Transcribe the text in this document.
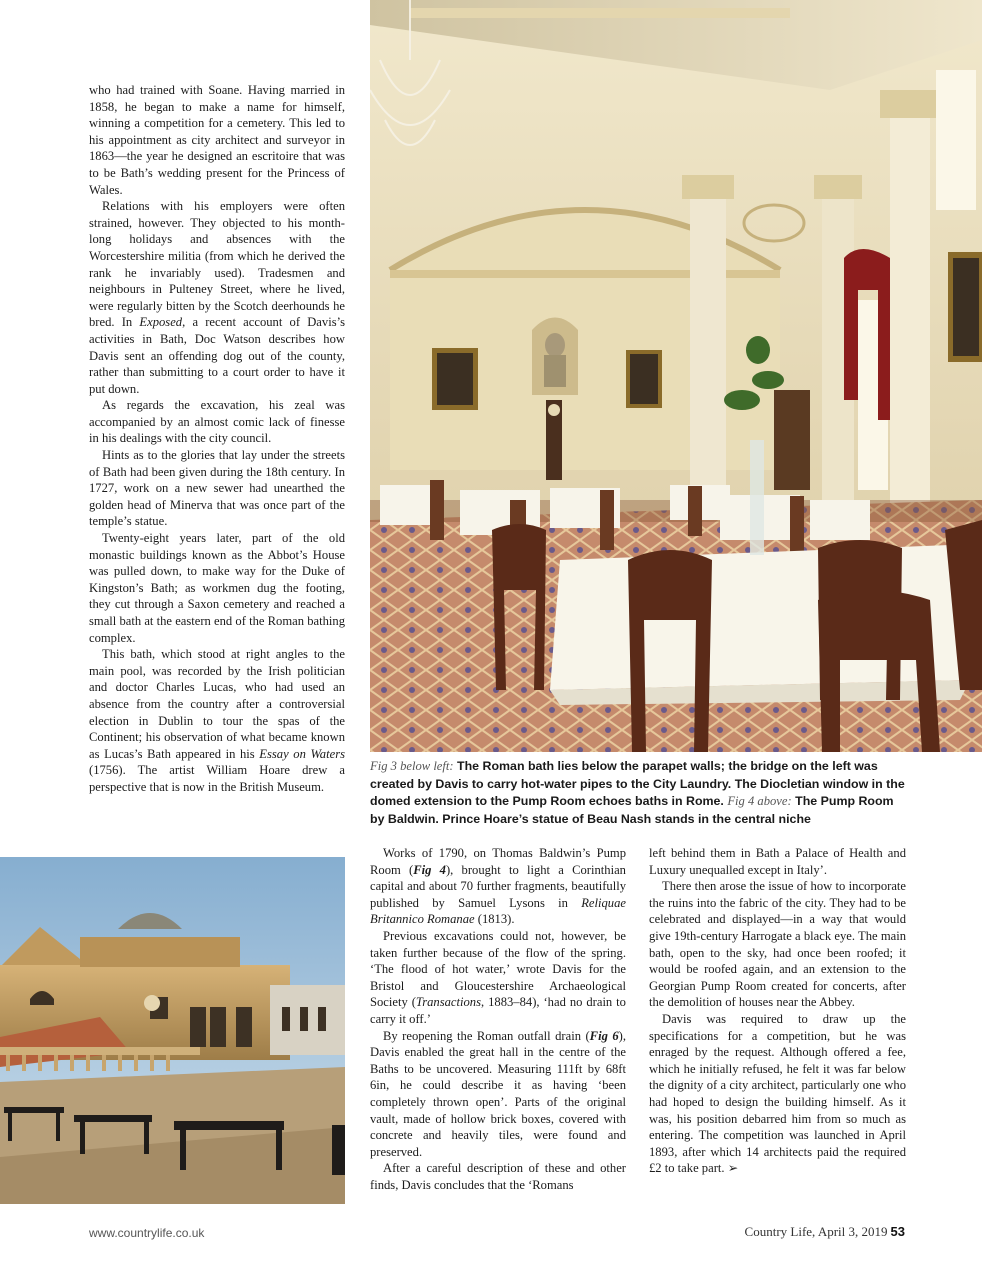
who had trained with Soane. Having married in 1858, he began to make a name for himself, winning a competition for a cemetery. This led to his appointment as city architect and surveyor in 1863—the year he designed an escritoire that was to be Bath’s wedding present for the Princess of Wales.

Relations with his employers were often strained, however. They objected to his month-long holidays and absences with the Worcestershire militia (from which he derived the rank he invariably used). Tradesmen and neighbours in Pulteney Street, where he lived, were regularly bitten by the Scotch deerhounds he bred. In Exposed, a recent account of Davis’s activities in Bath, Doc Watson describes how Davis sent an offending dog out of the county, rather than submitting to a court order to have it put down.

As regards the excavation, his zeal was accompanied by an almost comic lack of finesse in his dealings with the city council.

Hints as to the glories that lay under the streets of Bath had been given during the 18th century. In 1727, work on a new sewer had unearthed the golden head of Minerva that was once part of the temple’s statue.

Twenty-eight years later, part of the old monastic buildings known as the Abbot’s House was pulled down, to make way for the Duke of Kingston’s Bath; as workmen dug the footing, they cut through a Saxon cemetery and reached a small bath at the eastern end of the Roman bathing complex.

This bath, which stood at right angles to the main pool, was recorded by the Irish politician and doctor Charles Lucas, who had used an absence from the country after a controversial election in Dublin to tour the spas of the Continent; his observation of what became known as Lucas’s Bath appeared in his Essay on Waters (1756). The artist William Hoare drew a perspective that is now in the British Museum.

Fig 3 below left: The Roman bath lies below the parapet walls; the bridge on the left was created by Davis to carry hot-water pipes to the City Laundry. The Diocletian window in the domed extension to the Pump Room echoes baths in Rome. Fig 4 above: The Pump Room by Baldwin. Prince Hoare’s statue of Beau Nash stands in the central niche

Works of 1790, on Thomas Baldwin’s Pump Room (Fig 4), brought to light a Corinthian capital and about 70 further fragments, beautifully published by Samuel Lysons in Reliquae Britannico Romanae (1813).

Previous excavations could not, however, be taken further because of the flow of the spring. ‘The flood of hot water,’ wrote Davis for the Bristol and Gloucestershire Archaeological Society (Transactions, 1883–84), ‘had no drain to carry it off.’

By reopening the Roman outfall drain (Fig 6), Davis enabled the great hall in the centre of the Baths to be uncovered. Measuring 111ft by 68ft 6in, he could describe it as having ‘been completely thrown open’. Parts of the original vault, made of hollow brick boxes, covered with concrete and heavily tiles, were found and preserved.

After a careful description of these and other finds, Davis concludes that the ‘Romans

left behind them in Bath a Palace of Health and Luxury unequalled except in Italy’.

There then arose the issue of how to incorporate the ruins into the fabric of the city. They had to be celebrated and displayed—in a way that would give 19th-century Harrogate a black eye. The main bath, open to the sky, had once been roofed; it would be roofed again, and an extension to the Georgian Pump Room created for concerts, after the demolition of houses near the Abbey.

Davis was required to draw up the specifications for a competition, but he was enraged by the request. Although offered a fee, which he initially refused, he felt it was far below the dignity of a city architect, particularly one who had hoped to design the building himself. As it was, his position debarred him from so much as entering. The competition was launched in April 1893, after which 14 architects paid the required £2 to take part. ➢

www.countrylife.co.uk	Country Life, April 3, 2019 53
